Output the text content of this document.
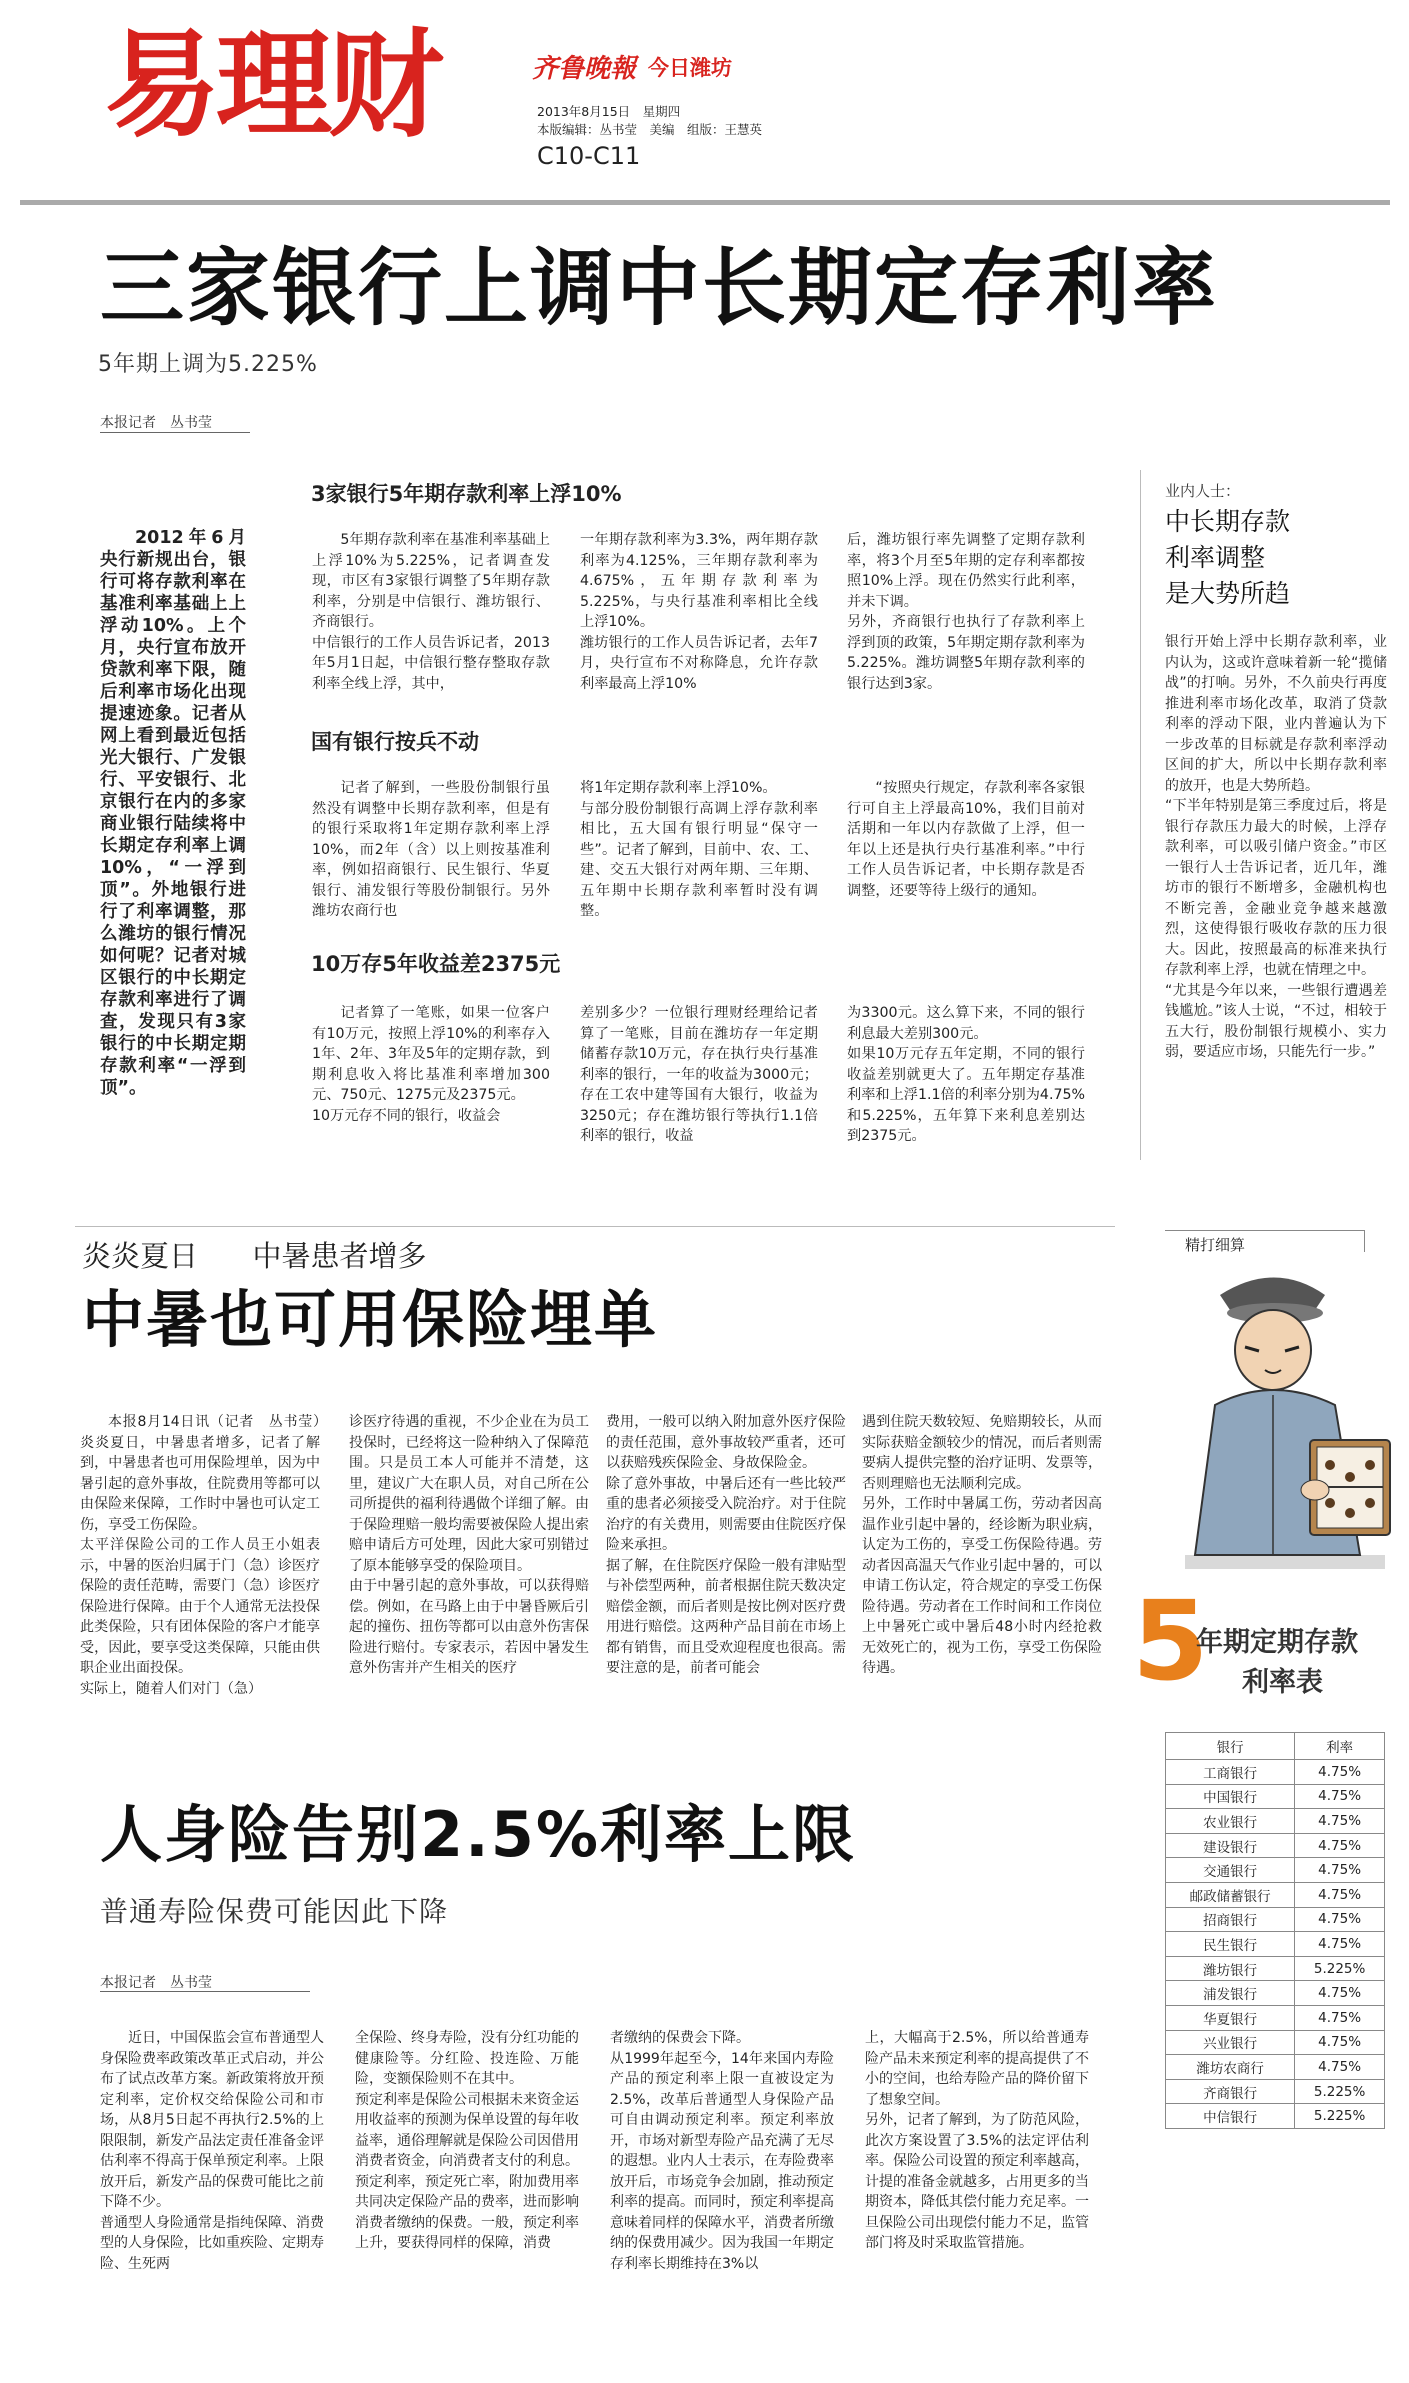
易理财	齐鲁晚報 今日潍坊
2013年8月15日　星期四
本版编辑：丛书莹　美编　组版：王慧英
C10-C11
三家银行上调中长期定存利率
5年期上调为5.225%
本报记者　丛书莹
2012年6月央行新规出台，银行可将存款利率在基准利率基础上上浮动10%。上个月，央行宣布放开贷款利率下限，随后利率市场化出现提速迹象。记者从网上看到最近包括光大银行、广发银行、平安银行、北京银行在内的多家商业银行陆续将中长期定存利率上调10%，“一浮到顶”。外地银行进行了利率调整，那么潍坊的银行情况如何呢？记者对城区银行的中长期定存款利率进行了调查，发现只有3家银行的中长期定期存款利率“一浮到顶”。
3家银行5年期存款利率上浮10%
5年期存款利率在基准利率基础上上浮10%为5.225%，记者调查发现，市区有3家银行调整了5年期存款利率，分别是中信银行、潍坊银行、齐商银行。
中信银行的工作人员告诉记者，2013年5月1日起，中信银行整存整取存款利率全线上浮，其中，
一年期存款利率为3.3%，两年期存款利率为4.125%，三年期存款利率为4.675%，五年期存款利率为5.225%，与央行基准利率相比全线上浮10%。
潍坊银行的工作人员告诉记者，去年7月，央行宣布不对称降息，允许存款利率最高上浮10%
后，潍坊银行率先调整了定期存款利率，将3个月至5年期的定存利率都按照10%上浮。现在仍然实行此利率，并未下调。
另外，齐商银行也执行了存款利率上浮到顶的政策，5年期定期存款利率为5.225%。潍坊调整5年期存款利率的银行达到3家。
国有银行按兵不动
记者了解到，一些股份制银行虽然没有调整中长期存款利率，但是有的银行采取将1年定期存款利率上浮10%，而2年（含）以上则按基准利率，例如招商银行、民生银行、华夏银行、浦发银行等股份制银行。另外潍坊农商行也
将1年定期存款利率上浮10%。
与部分股份制银行高调上浮存款利率相比，五大国有银行明显“保守一些”。记者了解到，目前中、农、工、建、交五大银行对两年期、三年期、五年期中长期存款利率暂时没有调整。
“按照央行规定，存款利率各家银行可自主上浮最高10%，我们目前对活期和一年以内存款做了上浮，但一年以上还是执行央行基准利率。”中行工作人员告诉记者，中长期存款是否调整，还要等待上级行的通知。
10万存5年收益差2375元
记者算了一笔账，如果一位客户有10万元，按照上浮10%的利率存入1年、2年、3年及5年的定期存款，到期利息收入将比基准利率增加300元、750元、1275元及2375元。
10万元存不同的银行，收益会
差别多少？一位银行理财经理给记者算了一笔账，目前在潍坊存一年定期储蓄存款10万元，存在执行央行基准利率的银行，一年的收益为3000元；存在工农中建等国有大银行，收益为3250元；存在潍坊银行等执行1.1倍利率的银行，收益
为3300元。这么算下来，不同的银行利息最大差别300元。
如果10万元存五年定期，不同的银行收益差别就更大了。五年期定存基准利率和上浮1.1倍的利率分别为4.75%和5.225%，五年算下来利息差别达到2375元。
业内人士：
中长期存款
利率调整
是大势所趋
银行开始上浮中长期存款利率，业内认为，这或许意味着新一轮“揽储战”的打响。另外，不久前央行再度推进利率市场化改革，取消了贷款利率的浮动下限，业内普遍认为下一步改革的目标就是存款利率浮动区间的扩大，所以中长期存款利率的放开，也是大势所趋。
“下半年特别是第三季度过后，将是银行存款压力最大的时候，上浮存款利率，可以吸引储户资金。”市区一银行人士告诉记者，近几年，潍坊市的银行不断增多，金融机构也不断完善，金融业竞争越来越激烈，这使得银行吸收存款的压力很大。因此，按照最高的标准来执行存款利率上浮，也就在情理之中。
“尤其是今年以来，一些银行遭遇差钱尴尬。”该人士说，“不过，相较于五大行，股份制银行规模小、实力弱，要适应市场，只能先行一步。”
炎炎夏日 中暑患者增多
中暑也可用保险埋单
本报8月14日讯（记者　丛书莹）　炎炎夏日，中暑患者增多，记者了解到，中暑患者也可用保险埋单，因为中暑引起的意外事故，住院费用等都可以由保险来保障，工作时中暑也可认定工伤，享受工伤保险。
太平洋保险公司的工作人员王小姐表示，中暑的医治归属于门（急）诊医疗保险的责任范畴，需要门（急）诊医疗保险进行保障。由于个人通常无法投保此类保险，只有团体保险的客户才能享受，因此，要享受这类保障，只能由供职企业出面投保。
实际上，随着人们对门（急）
诊医疗待遇的重视，不少企业在为员工投保时，已经将这一险种纳入了保障范围。只是员工本人可能并不清楚，这里，建议广大在职人员，对自己所在公司所提供的福利待遇做个详细了解。由于保险理赔一般均需要被保险人提出索赔申请后方可处理，因此大家可别错过了原本能够享受的保险项目。
由于中暑引起的意外事故，可以获得赔偿。例如，在马路上由于中暑昏厥后引起的撞伤、扭伤等都可以由意外伤害保险进行赔付。专家表示，若因中暑发生意外伤害并产生相关的医疗
费用，一般可以纳入附加意外医疗保险的责任范围，意外事故较严重者，还可以获赔残疾保险金、身故保险金。
除了意外事故，中暑后还有一些比较严重的患者必须接受入院治疗。对于住院治疗的有关费用，则需要由住院医疗保险来承担。
据了解，在住院医疗保险一般有津贴型与补偿型两种，前者根据住院天数决定赔偿金额，而后者则是按比例对医疗费用进行赔偿。这两种产品目前在市场上都有销售，而且受欢迎程度也很高。需要注意的是，前者可能会
遇到住院天数较短、免赔期较长，从而实际获赔金额较少的情况，而后者则需要病人提供完整的治疗证明、发票等，否则理赔也无法顺利完成。
另外，工作时中暑属工伤，劳动者因高温作业引起中暑的，经诊断为职业病，认定为工伤的，享受工伤保险待遇。劳动者因高温天气作业引起中暑的，可以申请工伤认定，符合规定的享受工伤保险待遇。劳动者在工作时间和工作岗位上中暑死亡或中暑后48小时内经抢救无效死亡的，视为工伤，享受工伤保险待遇。
精打细算
5
年期定期存款
利率表
银行	利率
工商银行	4.75%
中国银行	4.75%
农业银行	4.75%
建设银行	4.75%
交通银行	4.75%
邮政储蓄银行	4.75%
招商银行	4.75%
民生银行	4.75%
潍坊银行	5.225%
浦发银行	4.75%
华夏银行	4.75%
兴业银行	4.75%
潍坊农商行	4.75%
齐商银行	5.225%
中信银行	5.225%
人身险告别2.5%利率上限
普通寿险保费可能因此下降
本报记者　丛书莹
近日，中国保监会宣布普通型人身保险费率政策改革正式启动，并公布了试点改革方案。新政策将放开预定利率，定价权交给保险公司和市场，从8月5日起不再执行2.5%的上限限制，新发产品法定责任准备金评估利率不得高于保单预定利率。上限放开后，新发产品的保费可能比之前下降不少。
普通型人身险通常是指纯保障、消费型的人身保险，比如重疾险、定期寿险、生死两
全保险、终身寿险，没有分红功能的健康险等。分红险、投连险、万能险，变额保险则不在其中。
预定利率是保险公司根据未来资金运用收益率的预测为保单设置的每年收益率，通俗理解就是保险公司因借用消费者资金，向消费者支付的利息。预定利率，预定死亡率，附加费用率共同决定保险产品的费率，进而影响消费者缴纳的保费。一般，预定利率上升，要获得同样的保障，消费
者缴纳的保费会下降。
从1999年起至今，14年来国内寿险产品的预定利率上限一直被设定为2.5%，改革后普通型人身保险产品可自由调动预定利率。预定利率放开，市场对新型寿险产品充满了无尽的遐想。业内人士表示，在寿险费率放开后，市场竞争会加剧，推动预定利率的提高。而同时，预定利率提高意味着同样的保障水平，消费者所缴纳的保费用减少。因为我国一年期定存利率长期维持在3%以
上，大幅高于2.5%，所以给普通寿险产品未来预定利率的提高提供了不小的空间，也给寿险产品的降价留下了想象空间。
另外，记者了解到，为了防范风险，此次方案设置了3.5%的法定评估利率。保险公司设置的预定利率越高，计提的准备金就越多，占用更多的当期资本，降低其偿付能力充足率。一旦保险公司出现偿付能力不足，监管部门将及时采取监管措施。
